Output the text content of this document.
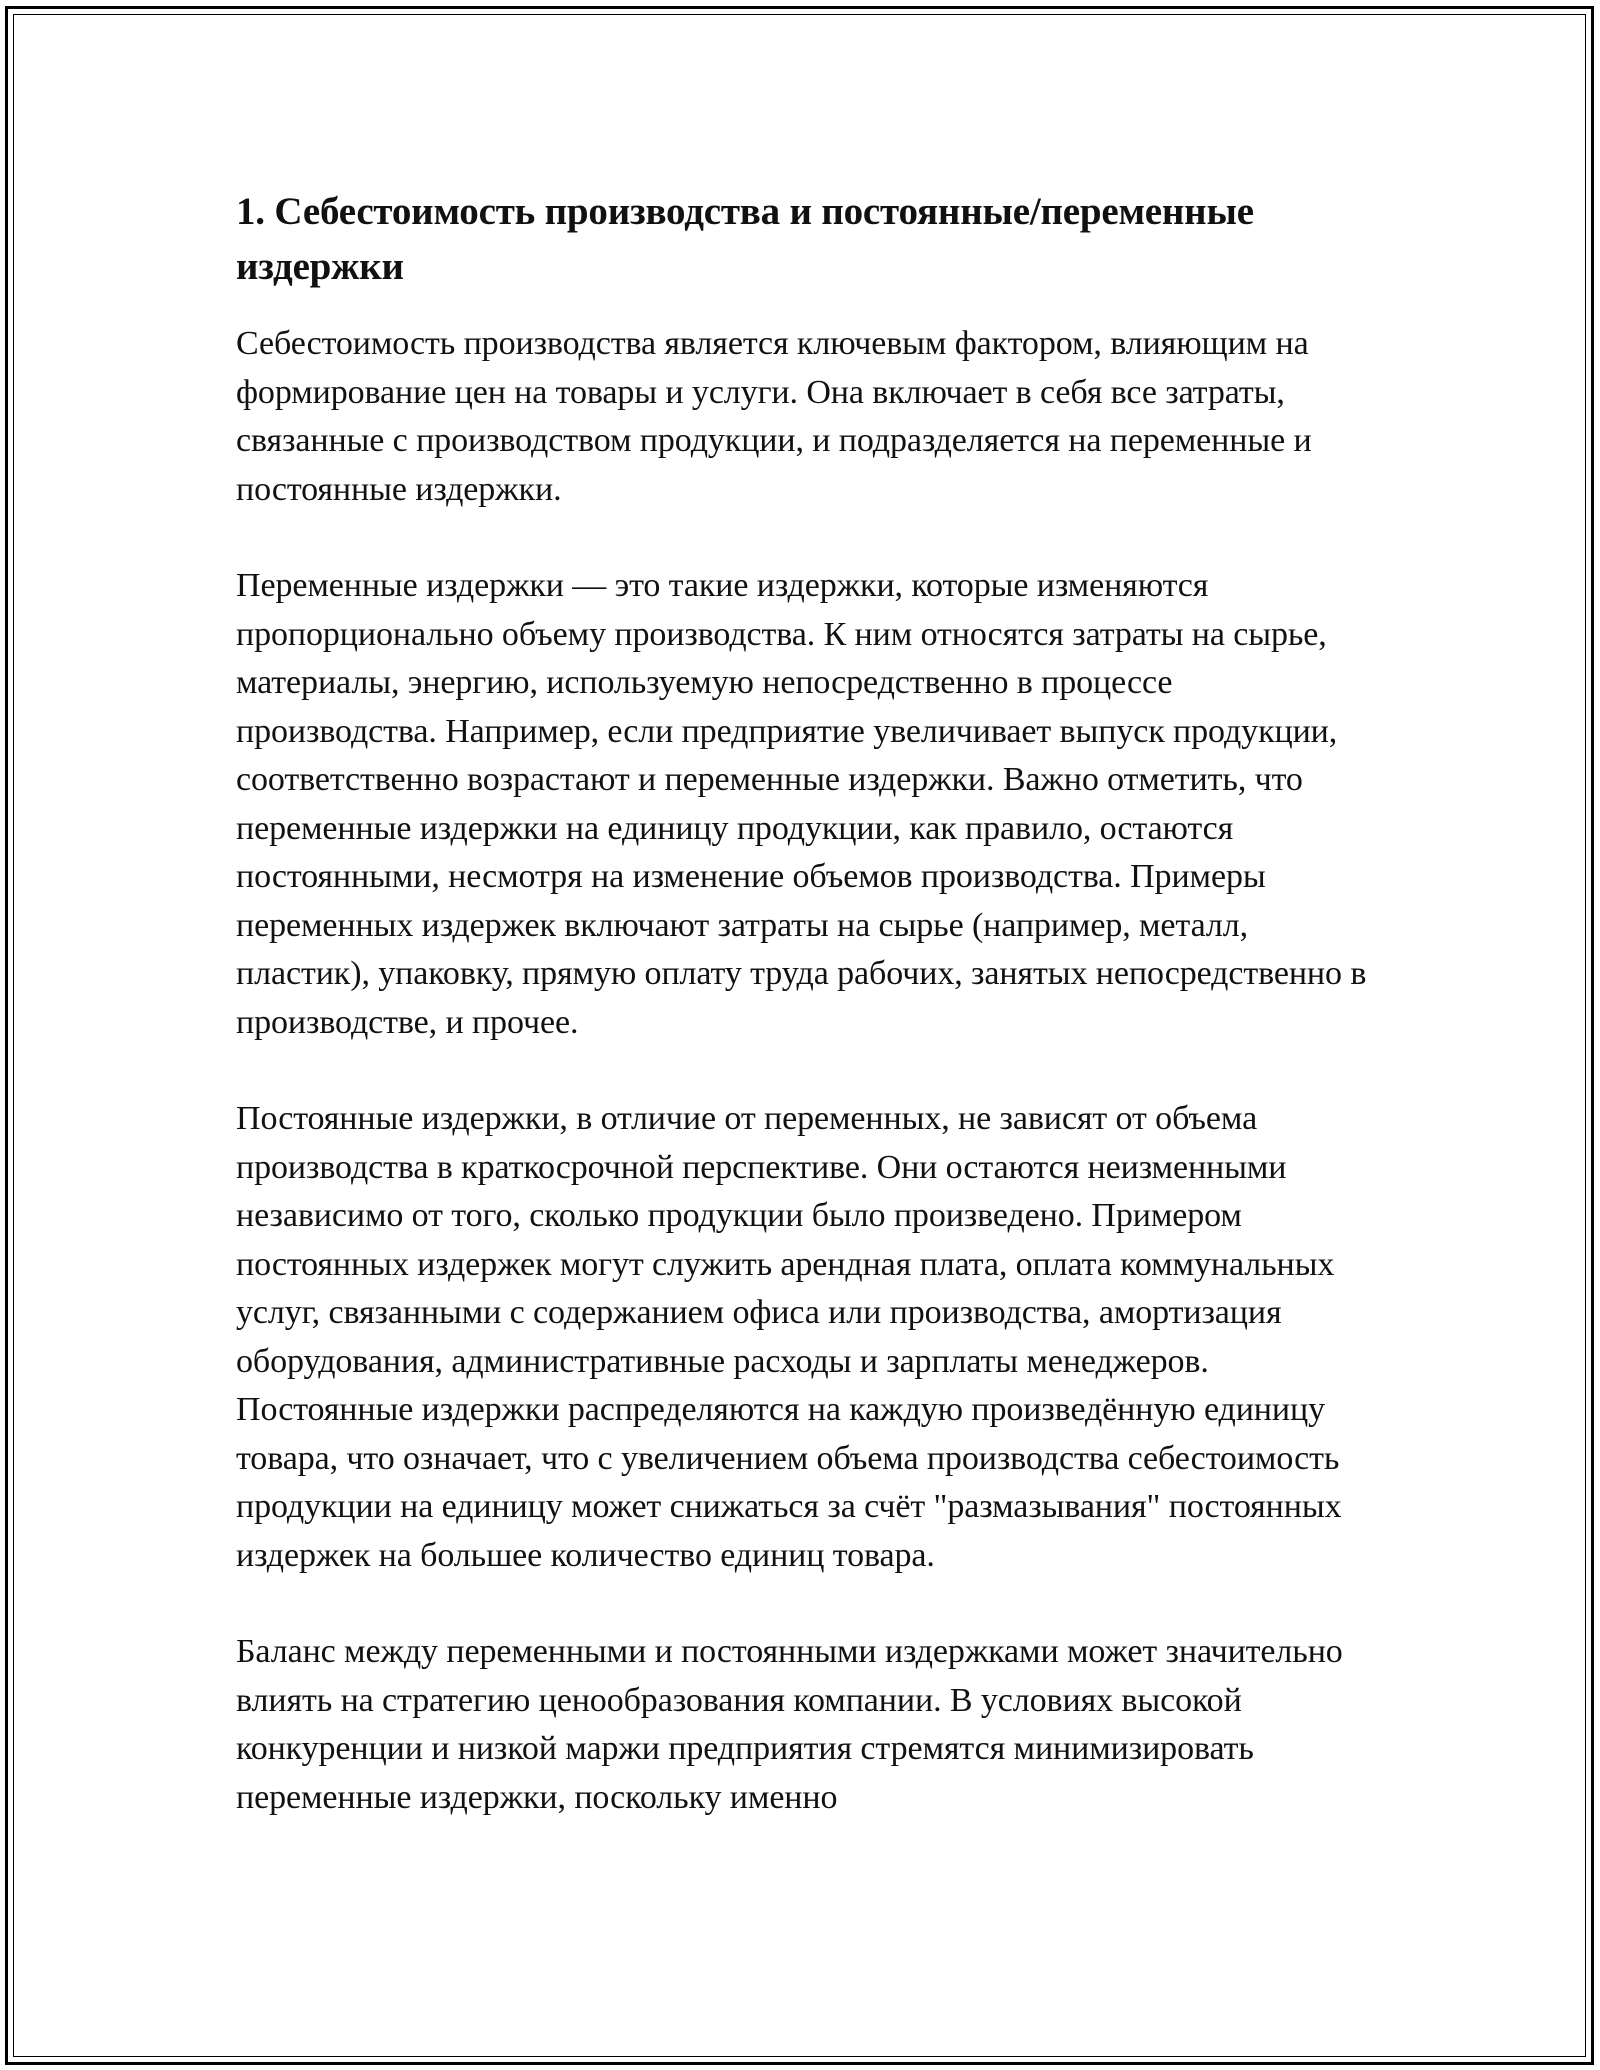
1. Себестоимость производства и постоянные/переменные издержки

Себестоимость производства является ключевым фактором, влияющим на формирование цен на товары и услуги. Она включает в себя все затраты, связанные с производством продукции, и подразделяется на переменные и постоянные издержки.

Переменные издержки — это такие издержки, которые изменяются пропорционально объему производства. К ним относятся затраты на сырье, материалы, энергию, используемую непосредственно в процессе производства. Например, если предприятие увеличивает выпуск продукции, соответственно возрастают и переменные издержки. Важно отметить, что переменные издержки на единицу продукции, как правило, остаются постоянными, несмотря на изменение объемов производства. Примеры переменных издержек включают затраты на сырье (например, металл, пластик), упаковку, прямую оплату труда рабочих, занятых непосредственно в производстве, и прочее.

Постоянные издержки, в отличие от переменных, не зависят от объема производства в краткосрочной перспективе. Они остаются неизменными независимо от того, сколько продукции было произведено. Примером постоянных издержек могут служить арендная плата, оплата коммунальных услуг, связанными с содержанием офиса или производства, амортизация оборудования, административные расходы и зарплаты менеджеров. Постоянные издержки распределяются на каждую произведённую единицу товара, что означает, что с увеличением объема производства себестоимость продукции на единицу может снижаться за счёт "размазывания" постоянных издержек на большее количество единиц товара.

Баланс между переменными и постоянными издержками может значительно влиять на стратегию ценообразования компании. В условиях высокой конкуренции и низкой маржи предприятия стремятся минимизировать переменные издержки, поскольку именно
